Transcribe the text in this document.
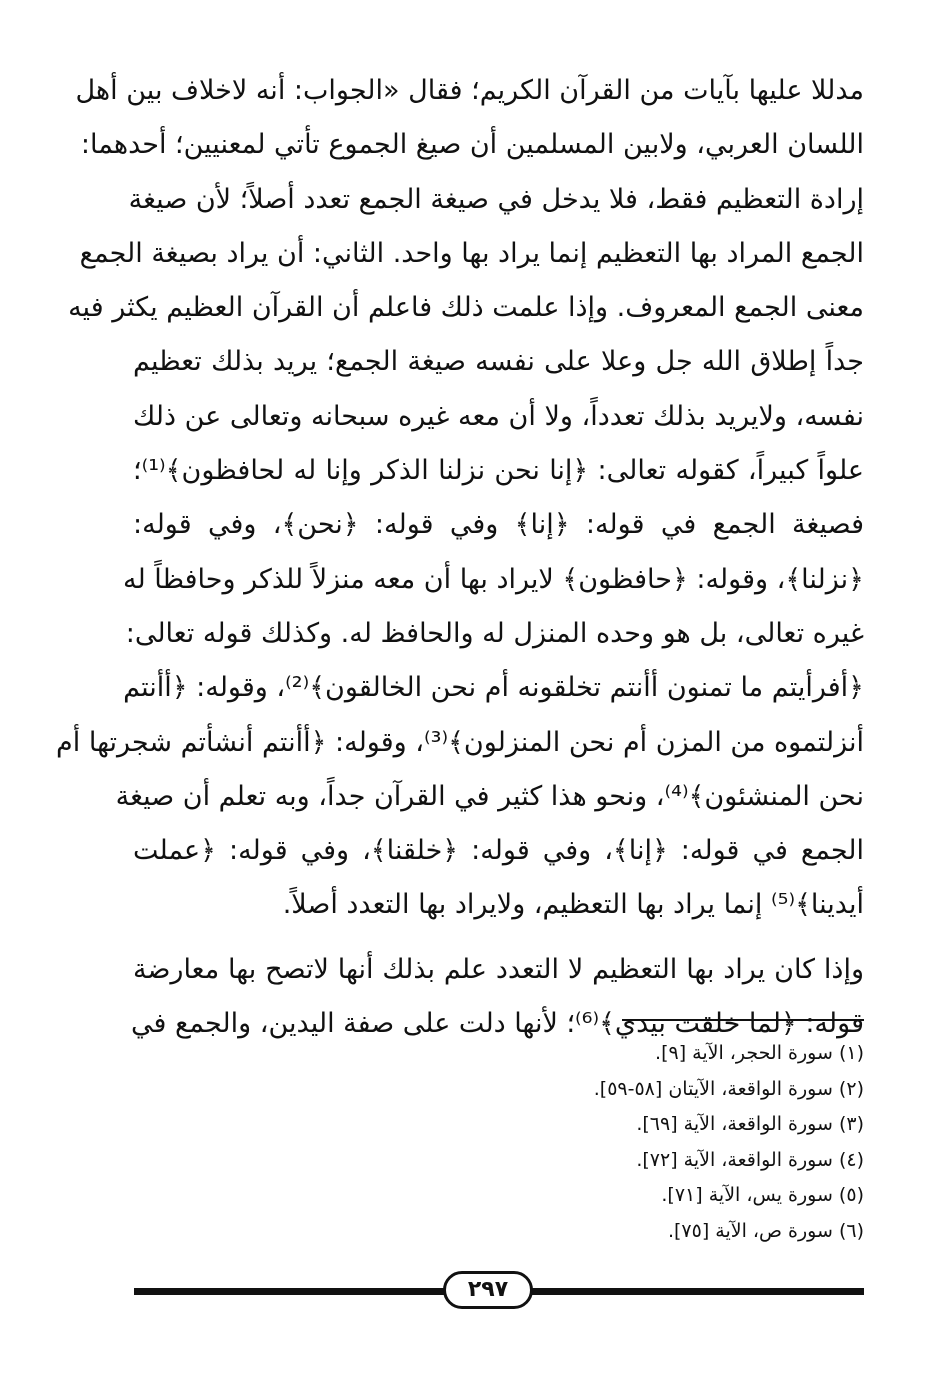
مدللا عليها بآيات من القرآن الكريم؛ فقال «الجواب: أنه لاخلاف بين أهل
اللسان العربي، ولابين المسلمين أن صيغ الجموع تأتي لمعنيين؛ أحدهما:
إرادة التعظيم فقط، فلا يدخل في صيغة الجمع تعدد أصلاً؛ لأن صيغة
الجمع المراد بها التعظيم إنما يراد بها واحد. الثاني: أن يراد بصيغة الجمع
معنى الجمع المعروف. وإذا علمت ذلك فاعلم أن القرآن العظيم يكثر فيه
جداً إطلاق الله جل وعلا على نفسه صيغة الجمع؛ يريد بذلك تعظيم
نفسه، ولايريد بذلك تعدداً، ولا أن معه غيره سبحانه وتعالى عن ذلك
علواً كبيراً، كقوله تعالى: ﴿إنا نحن نزلنا الذكر وإنا له لحافظون﴾⁽¹⁾؛
فصيغة الجمع في قوله: ﴿إنا﴾ وفي قوله: ﴿نحن﴾، وفي قوله:
﴿نزلنا﴾، وقوله: ﴿حافظون﴾ لايراد بها أن معه منزلاً للذكر وحافظاً له
غيره تعالى، بل هو وحده المنزل له والحافظ له. وكذلك قوله تعالى:
﴿أفرأيتم ما تمنون أأنتم تخلقونه أم نحن الخالقون﴾⁽²⁾، وقوله: ﴿أأنتم
أنزلتموه من المزن أم نحن المنزلون﴾⁽³⁾، وقوله: ﴿أأنتم أنشأتم شجرتها أم
نحن المنشئون﴾⁽⁴⁾، ونحو هذا كثير في القرآن جداً، وبه تعلم أن صيغة
الجمع في قوله: ﴿إنا﴾، وفي قوله: ﴿خلقنا﴾، وفي قوله: ﴿عملت
أيدينا﴾⁽⁵⁾ إنما يراد بها التعظيم، ولايراد بها التعدد أصلاً.
وإذا كان يراد بها التعظيم لا التعدد علم بذلك أنها لاتصح بها معارضة
قوله: ﴿لما خلقت بيدي﴾⁽⁶⁾؛ لأنها دلت على صفة اليدين، والجمع في
(١) سورة الحجر، الآية [٩].
(٢) سورة الواقعة، الآيتان [٥٨-٥٩].
(٣) سورة الواقعة، الآية [٦٩].
(٤) سورة الواقعة، الآية [٧٢].
(٥) سورة يس، الآية [٧١].
(٦) سورة ص، الآية [٧٥].
٢٩٧
